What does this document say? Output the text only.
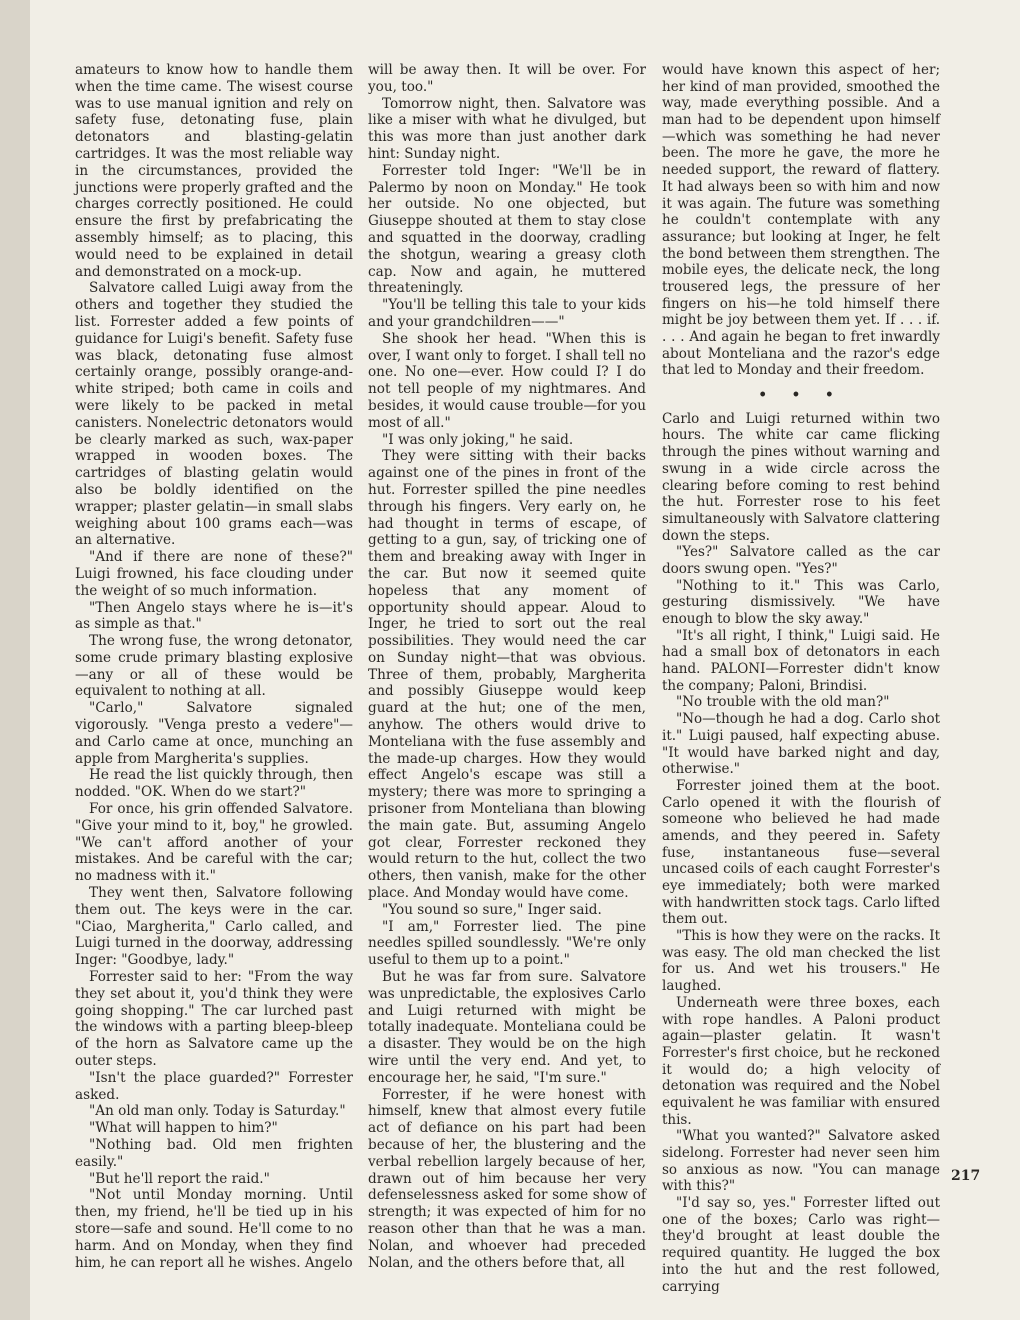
amateurs to know how to handle them when the time came. The wisest course was to use manual ignition and rely on safety fuse, detonating fuse, plain detonators and blasting-gelatin cartridges. It was the most reliable way in the circumstances, provided the junctions were properly grafted and the charges correctly positioned. He could ensure the first by prefabricating the assembly himself; as to placing, this would need to be explained in detail and demonstrated on a mock-up.

Salvatore called Luigi away from the others and together they studied the list. Forrester added a few points of guidance for Luigi's benefit. Safety fuse was black, detonating fuse almost certainly orange, possibly orange-and-white striped; both came in coils and were likely to be packed in metal canisters. Nonelectric detonators would be clearly marked as such, wax-paper wrapped in wooden boxes. The cartridges of blasting gelatin would also be boldly identified on the wrapper; plaster gelatin—in small slabs weighing about 100 grams each—was an alternative.

"And if there are none of these?" Luigi frowned, his face clouding under the weight of so much information.

"Then Angelo stays where he is—it's as simple as that."

The wrong fuse, the wrong detonator, some crude primary blasting explosive—any or all of these would be equivalent to nothing at all.

"Carlo," Salvatore signaled vigorously. "Venga presto a vedere"—and Carlo came at once, munching an apple from Margherita's supplies.

He read the list quickly through, then nodded. "OK. When do we start?"

For once, his grin offended Salvatore. "Give your mind to it, boy," he growled. "We can't afford another of your mistakes. And be careful with the car; no madness with it."

They went then, Salvatore following them out. The keys were in the car. "Ciao, Margherita," Carlo called, and Luigi turned in the doorway, addressing Inger: "Goodbye, lady."

Forrester said to her: "From the way they set about it, you'd think they were going shopping." The car lurched past the windows with a parting bleep-bleep of the horn as Salvatore came up the outer steps.

"Isn't the place guarded?" Forrester asked.

"An old man only. Today is Saturday."

"What will happen to him?"

"Nothing bad. Old men frighten easily."

"But he'll report the raid."

"Not until Monday morning. Until then, my friend, he'll be tied up in his store—safe and sound. He'll come to no harm. And on Monday, when they find him, he can report all he wishes. Angelo

will be away then. It will be over. For you, too."

Tomorrow night, then. Salvatore was like a miser with what he divulged, but this was more than just another dark hint: Sunday night.

Forrester told Inger: "We'll be in Palermo by noon on Monday." He took her outside. No one objected, but Giuseppe shouted at them to stay close and squatted in the doorway, cradling the shotgun, wearing a greasy cloth cap. Now and again, he muttered threateningly.

"You'll be telling this tale to your kids and your grandchildren——"

She shook her head. "When this is over, I want only to forget. I shall tell no one. No one—ever. How could I? I do not tell people of my nightmares. And besides, it would cause trouble—for you most of all."

"I was only joking," he said.

They were sitting with their backs against one of the pines in front of the hut. Forrester spilled the pine needles through his fingers. Very early on, he had thought in terms of escape, of getting to a gun, say, of tricking one of them and breaking away with Inger in the car. But now it seemed quite hopeless that any moment of opportunity should appear. Aloud to Inger, he tried to sort out the real possibilities. They would need the car on Sunday night—that was obvious. Three of them, probably, Margherita and possibly Giuseppe would keep guard at the hut; one of the men, anyhow. The others would drive to Monteliana with the fuse assembly and the made-up charges. How they would effect Angelo's escape was still a mystery; there was more to springing a prisoner from Monteliana than blowing the main gate. But, assuming Angelo got clear, Forrester reckoned they would return to the hut, collect the two others, then vanish, make for the other place. And Monday would have come.

"You sound so sure," Inger said.

"I am," Forrester lied. The pine needles spilled soundlessly. "We're only useful to them up to a point."

But he was far from sure. Salvatore was unpredictable, the explosives Carlo and Luigi returned with might be totally inadequate. Monteliana could be a disaster. They would be on the high wire until the very end. And yet, to encourage her, he said, "I'm sure."

Forrester, if he were honest with himself, knew that almost every futile act of defiance on his part had been because of her, the blustering and the verbal rebellion largely because of her, drawn out of him because her very defenselessness asked for some show of strength; it was expected of him for no reason other than that he was a man. Nolan, and whoever had preceded Nolan, and the others before that, all

would have known this aspect of her; her kind of man provided, smoothed the way, made everything possible. And a man had to be dependent upon himself—which was something he had never been. The more he gave, the more he needed support, the reward of flattery. It had always been so with him and now it was again. The future was something he couldn't contemplate with any assurance; but looking at Inger, he felt the bond between them strengthen. The mobile eyes, the delicate neck, the long trousered legs, the pressure of her fingers on his—he told himself there might be joy between them yet. If . . . if. . . . And again he began to fret inwardly about Monteliana and the razor's edge that led to Monday and their freedom.

• • •

Carlo and Luigi returned within two hours. The white car came flicking through the pines without warning and swung in a wide circle across the clearing before coming to rest behind the hut. Forrester rose to his feet simultaneously with Salvatore clattering down the steps.

"Yes?" Salvatore called as the car doors swung open. "Yes?"

"Nothing to it." This was Carlo, gesturing dismissively. "We have enough to blow the sky away."

"It's all right, I think," Luigi said. He had a small box of detonators in each hand. PALONI—Forrester didn't know the company; Paloni, Brindisi.

"No trouble with the old man?"

"No—though he had a dog. Carlo shot it." Luigi paused, half expecting abuse. "It would have barked night and day, otherwise."

Forrester joined them at the boot. Carlo opened it with the flourish of someone who believed he had made amends, and they peered in. Safety fuse, instantaneous fuse—several uncased coils of each caught Forrester's eye immediately; both were marked with handwritten stock tags. Carlo lifted them out.

"This is how they were on the racks. It was easy. The old man checked the list for us. And wet his trousers." He laughed.

Underneath were three boxes, each with rope handles. A Paloni product again—plaster gelatin. It wasn't Forrester's first choice, but he reckoned it would do; a high velocity of detonation was required and the Nobel equivalent he was familiar with ensured this.

"What you wanted?" Salvatore asked sidelong. Forrester had never seen him so anxious as now. "You can manage with this?"

"I'd say so, yes." Forrester lifted out one of the boxes; Carlo was right—they'd brought at least double the required quantity. He lugged the box into the hut and the rest followed, carrying

217
